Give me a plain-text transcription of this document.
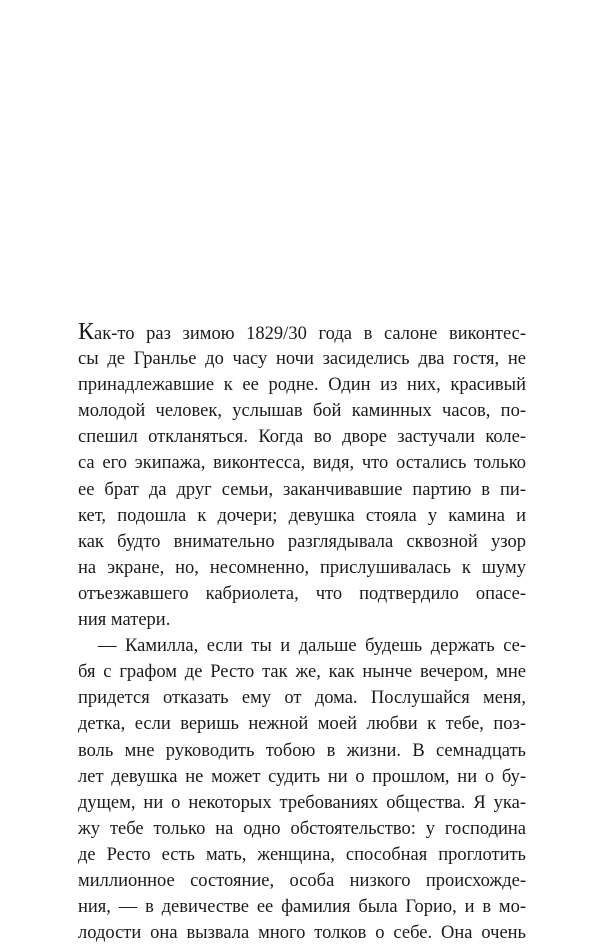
Как-то раз зимою 1829/30 года в салоне виконтес-
сы де Гранлье до часу ночи засиделись два гостя, не
принадлежавшие к ее родне. Один из них, красивый
молодой человек, услышав бой каминных часов, по-
спешил откланяться. Когда во дворе застучали коле-
са его экипажа, виконтесса, видя, что остались только
ее брат да друг семьи, заканчивавшие партию в пи-
кет, подошла к дочери; девушка стояла у камина и
как будто внимательно разглядывала сквозной узор
на экране, но, несомненно, прислушивалась к шуму
отъезжавшего кабриолета, что подтвердило опасе-
ния матери.
— Камилла, если ты и дальше будешь держать се-
бя с графом де Ресто так же, как нынче вечером, мне
придется отказать ему от дома. Послушайся меня,
детка, если веришь нежной моей любви к тебе, поз-
воль мне руководить тобою в жизни. В семнадцать
лет девушка не может судить ни о прошлом, ни о бу-
дущем, ни о некоторых требованиях общества. Я ука-
жу тебе только на одно обстоятельство: у господина
де Ресто есть мать, женщина, способная проглотить
миллионное состояние, особа низкого происхожде-
ния, — в девичестве ее фамилия была Горио, и в мо-
лодости она вызвала много толков о себе. Она очень
